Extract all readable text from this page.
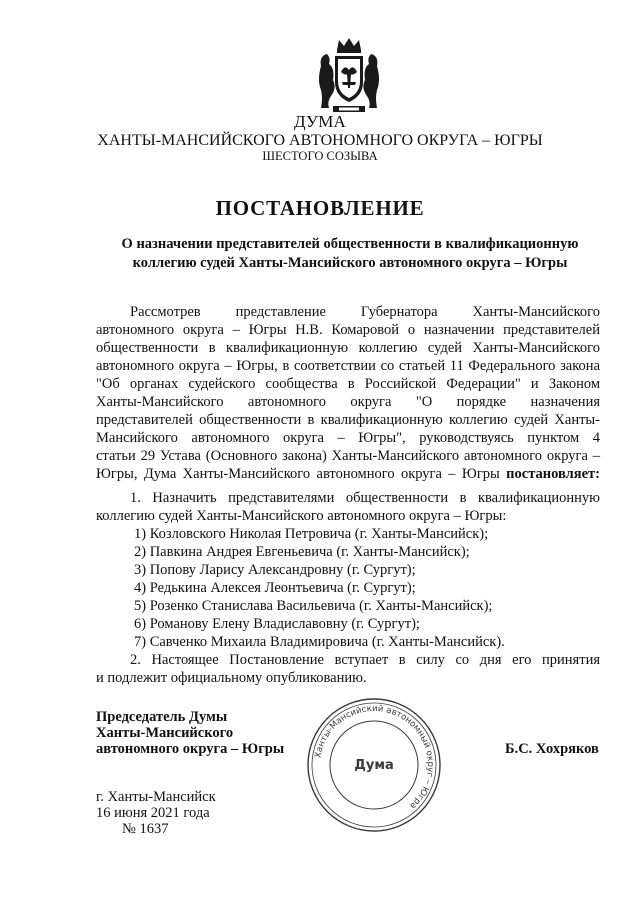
ДУМА
ХАНТЫ-МАНСИЙСКОГО АВТОНОМНОГО ОКРУГА – ЮГРЫ
ШЕСТОГО СОЗЫВА
ПОСТАНОВЛЕНИЕ
О назначении представителей общественности в квалификационную
коллегию судей Ханты-Мансийского автономного округа – Югры
Рассмотрев представление Губернатора Ханты-Мансийского
автономного округа – Югры Н.В. Комаровой о назначении представителей
общественности в квалификационную коллегию судей Ханты-Мансийского
автономного округа – Югры, в соответствии со статьей 11 Федерального закона
"Об органах судейского сообщества в Российской Федерации" и Законом
Ханты-Мансийского автономного округа "О порядке назначения
представителей общественности в квалификационную коллегию судей Ханты-
Мансийского автономного округа – Югры", руководствуясь пунктом 4
статьи 29 Устава (Основного закона) Ханты-Мансийского автономного округа –
Югры, Дума Ханты-Мансийского автономного округа – Югры постановляет:
1. Назначить представителями общественности в квалификационную
коллегию судей Ханты-Мансийского автономного округа – Югры:
1) Козловского Николая Петровича (г. Ханты-Мансийск);
2) Павкина Андрея Евгеньевича (г. Ханты-Мансийск);
3) Попову Ларису Александровну (г. Сургут);
4) Редькина Алексея Леонтьевича (г. Сургут);
5) Розенко Станислава Васильевича (г. Ханты-Мансийск);
6) Романову Елену Владиславовну (г. Сургут);
7) Савченко Михаила Владимировича (г. Ханты-Мансийск).
2. Настоящее Постановление вступает в силу со дня его принятия
и подлежит официальному опубликованию.
Председатель Думы
Ханты-Мансийского
автономного округа – Югры	Ханты-Мансийский автономный округ – Югра
Дума
Б.С. Хохряков
г. Ханты-Мансийск
16 июня 2021 года
№ 1637
